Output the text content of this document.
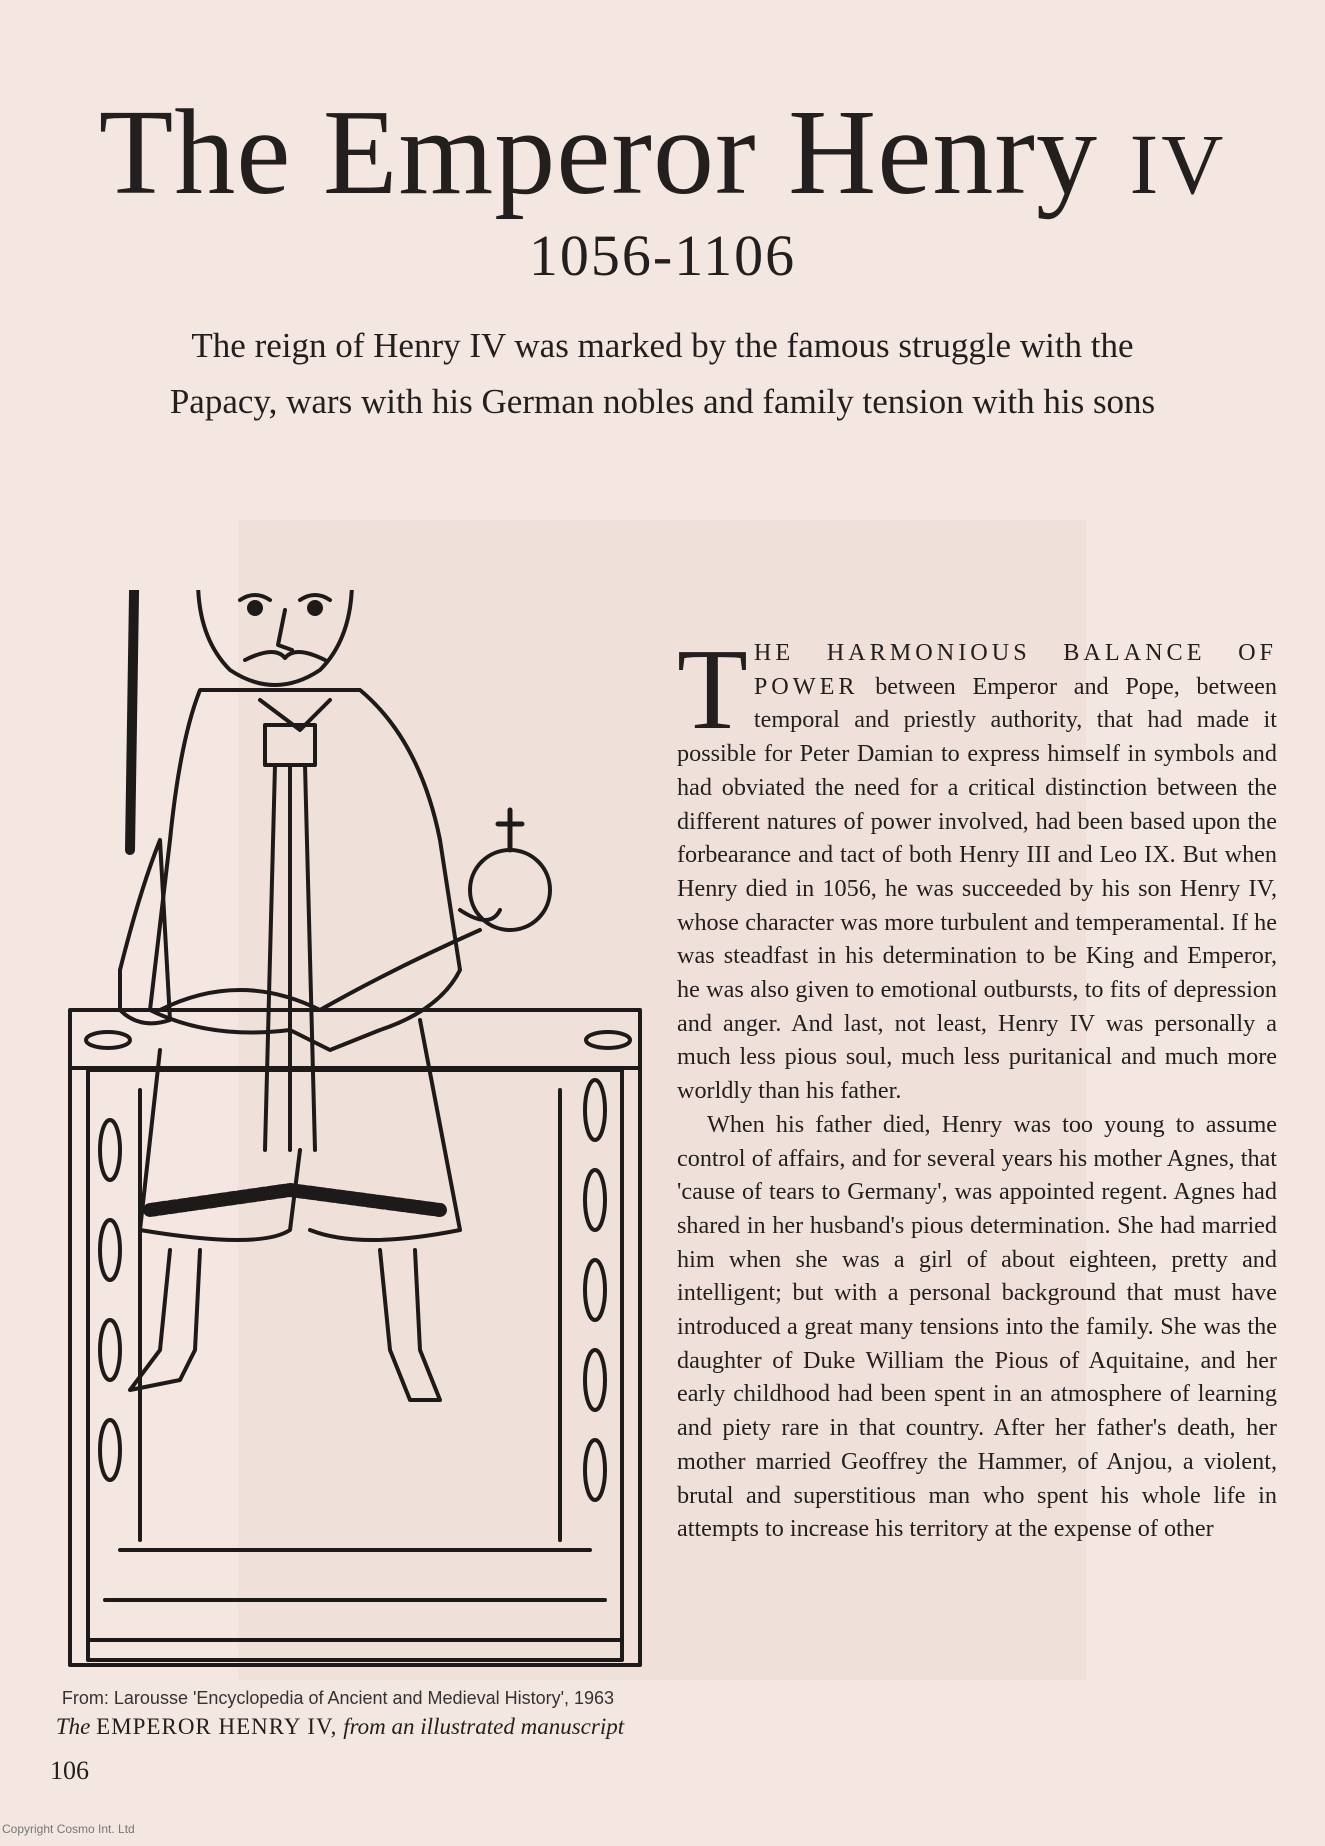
The Emperor Henry IV
1056-1106
The reign of Henry IV was marked by the famous struggle with the Papacy, wars with his German nobles and family tension with his sons
From: Larousse 'Encyclopedia of Ancient and Medieval History', 1963
The EMPEROR HENRY IV, from an illustrated manuscript

THE HARMONIOUS BALANCE OF POWER between Emperor and Pope, between temporal and priestly authority, that had made it possible for Peter Damian to express himself in symbols and had obviated the need for a critical distinction between the different natures of power involved, had been based upon the forbearance and tact of both Henry III and Leo IX. But when Henry died in 1056, he was succeeded by his son Henry IV, whose character was more turbulent and temperamental. If he was steadfast in his determination to be King and Emperor, he was also given to emotional outbursts, to fits of depression and anger. And last, not least, Henry IV was personally a much less pious soul, much less puritanical and much more worldly than his father.

When his father died, Henry was too young to assume control of affairs, and for several years his mother Agnes, that 'cause of tears to Germany', was appointed regent. Agnes had shared in her husband's pious determination. She had married him when she was a girl of about eighteen, pretty and intelligent; but with a personal background that must have introduced a great many tensions into the family. She was the daughter of Duke William the Pious of Aquitaine, and her early childhood had been spent in an atmosphere of learning and piety rare in that country. After her father's death, her mother married Geoffrey the Hammer, of Anjou, a violent, brutal and superstitious man who spent his whole life in attempts to increase his territory at the expense of other

106
Copyright Cosmo Int. Ltd
